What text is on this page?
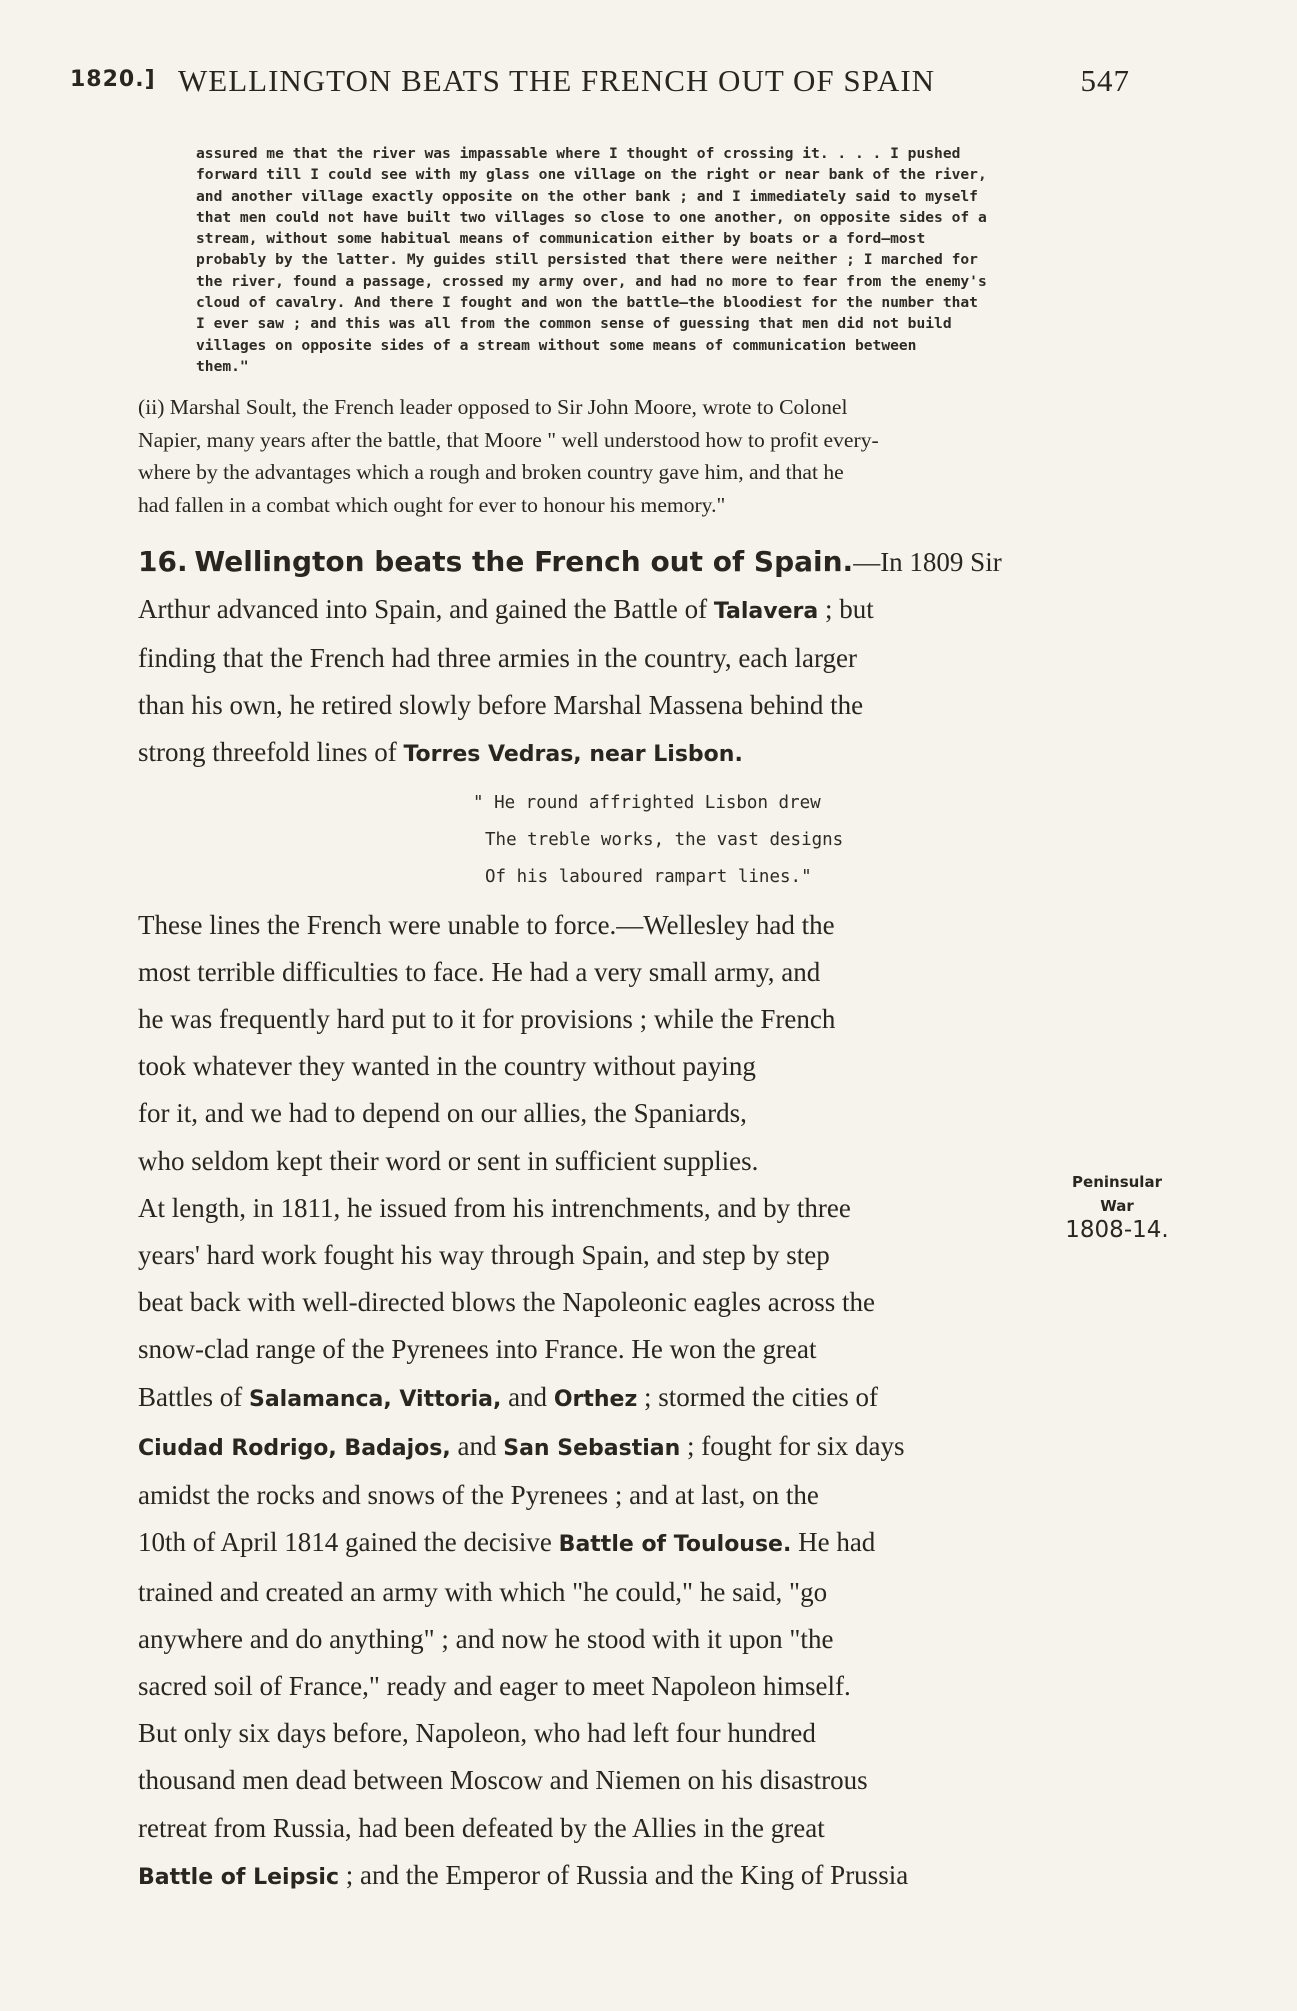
1820.] WELLINGTON BEATS THE FRENCH OUT OF SPAIN	547
assured me that the river was impassable where I thought of crossing it. . . . I pushed
forward till I could see with my glass one village on the right or near bank of the river,
and another village exactly opposite on the other bank ; and I immediately said to myself
that men could not have built two villages so close to one another, on opposite sides of a
stream, without some habitual means of communication either by boats or a ford—most
probably by the latter. My guides still persisted that there were neither ; I marched for
the river, found a passage, crossed my army over, and had no more to fear from the enemy's
cloud of cavalry. And there I fought and won the battle—the bloodiest for the number that
I ever saw ; and this was all from the common sense of guessing that men did not build
villages on opposite sides of a stream without some means of communication between
them."
(ii) Marshal Soult, the French leader opposed to Sir John Moore, wrote to Colonel
Napier, many years after the battle, that Moore " well understood how to profit every-
where by the advantages which a rough and broken country gave him, and that he
had fallen in a combat which ought for ever to honour his memory."
16. Wellington beats the French out of Spain.—In 1809 Sir
Arthur advanced into Spain, and gained the Battle of Talavera ; but
finding that the French had three armies in the country, each larger
than his own, he retired slowly before Marshal Massena behind the
strong threefold lines of Torres Vedras, near Lisbon.
" He round affrighted Lisbon drew
The treble works, the vast designs
Of his laboured rampart lines."
These lines the French were unable to force.—Wellesley had the
most terrible difficulties to face. He had a very small army, and
he was frequently hard put to it for provisions ; while the French
took whatever they wanted in the country without paying
for it, and we had to depend on our allies, the Spaniards,
who seldom kept their word or sent in sufficient supplies.
At length, in 1811, he issued from his intrenchments, and by three
years' hard work fought his way through Spain, and step by step
beat back with well-directed blows the Napoleonic eagles across the
snow-clad range of the Pyrenees into France. He won the great
Battles of Salamanca, Vittoria, and Orthez ; stormed the cities of
Ciudad Rodrigo, Badajos, and San Sebastian ; fought for six days
amidst the rocks and snows of the Pyrenees ; and at last, on the
10th of April 1814 gained the decisive Battle of Toulouse. He had
trained and created an army with which "he could," he said, "go
anywhere and do anything" ; and now he stood with it upon "the
sacred soil of France," ready and eager to meet Napoleon himself.
But only six days before, Napoleon, who had left four hundred
thousand men dead between Moscow and Niemen on his disastrous
retreat from Russia, had been defeated by the Allies in the great
Battle of Leipsic ; and the Emperor of Russia and the King of Prussia
Peninsular
War
1808-14.
